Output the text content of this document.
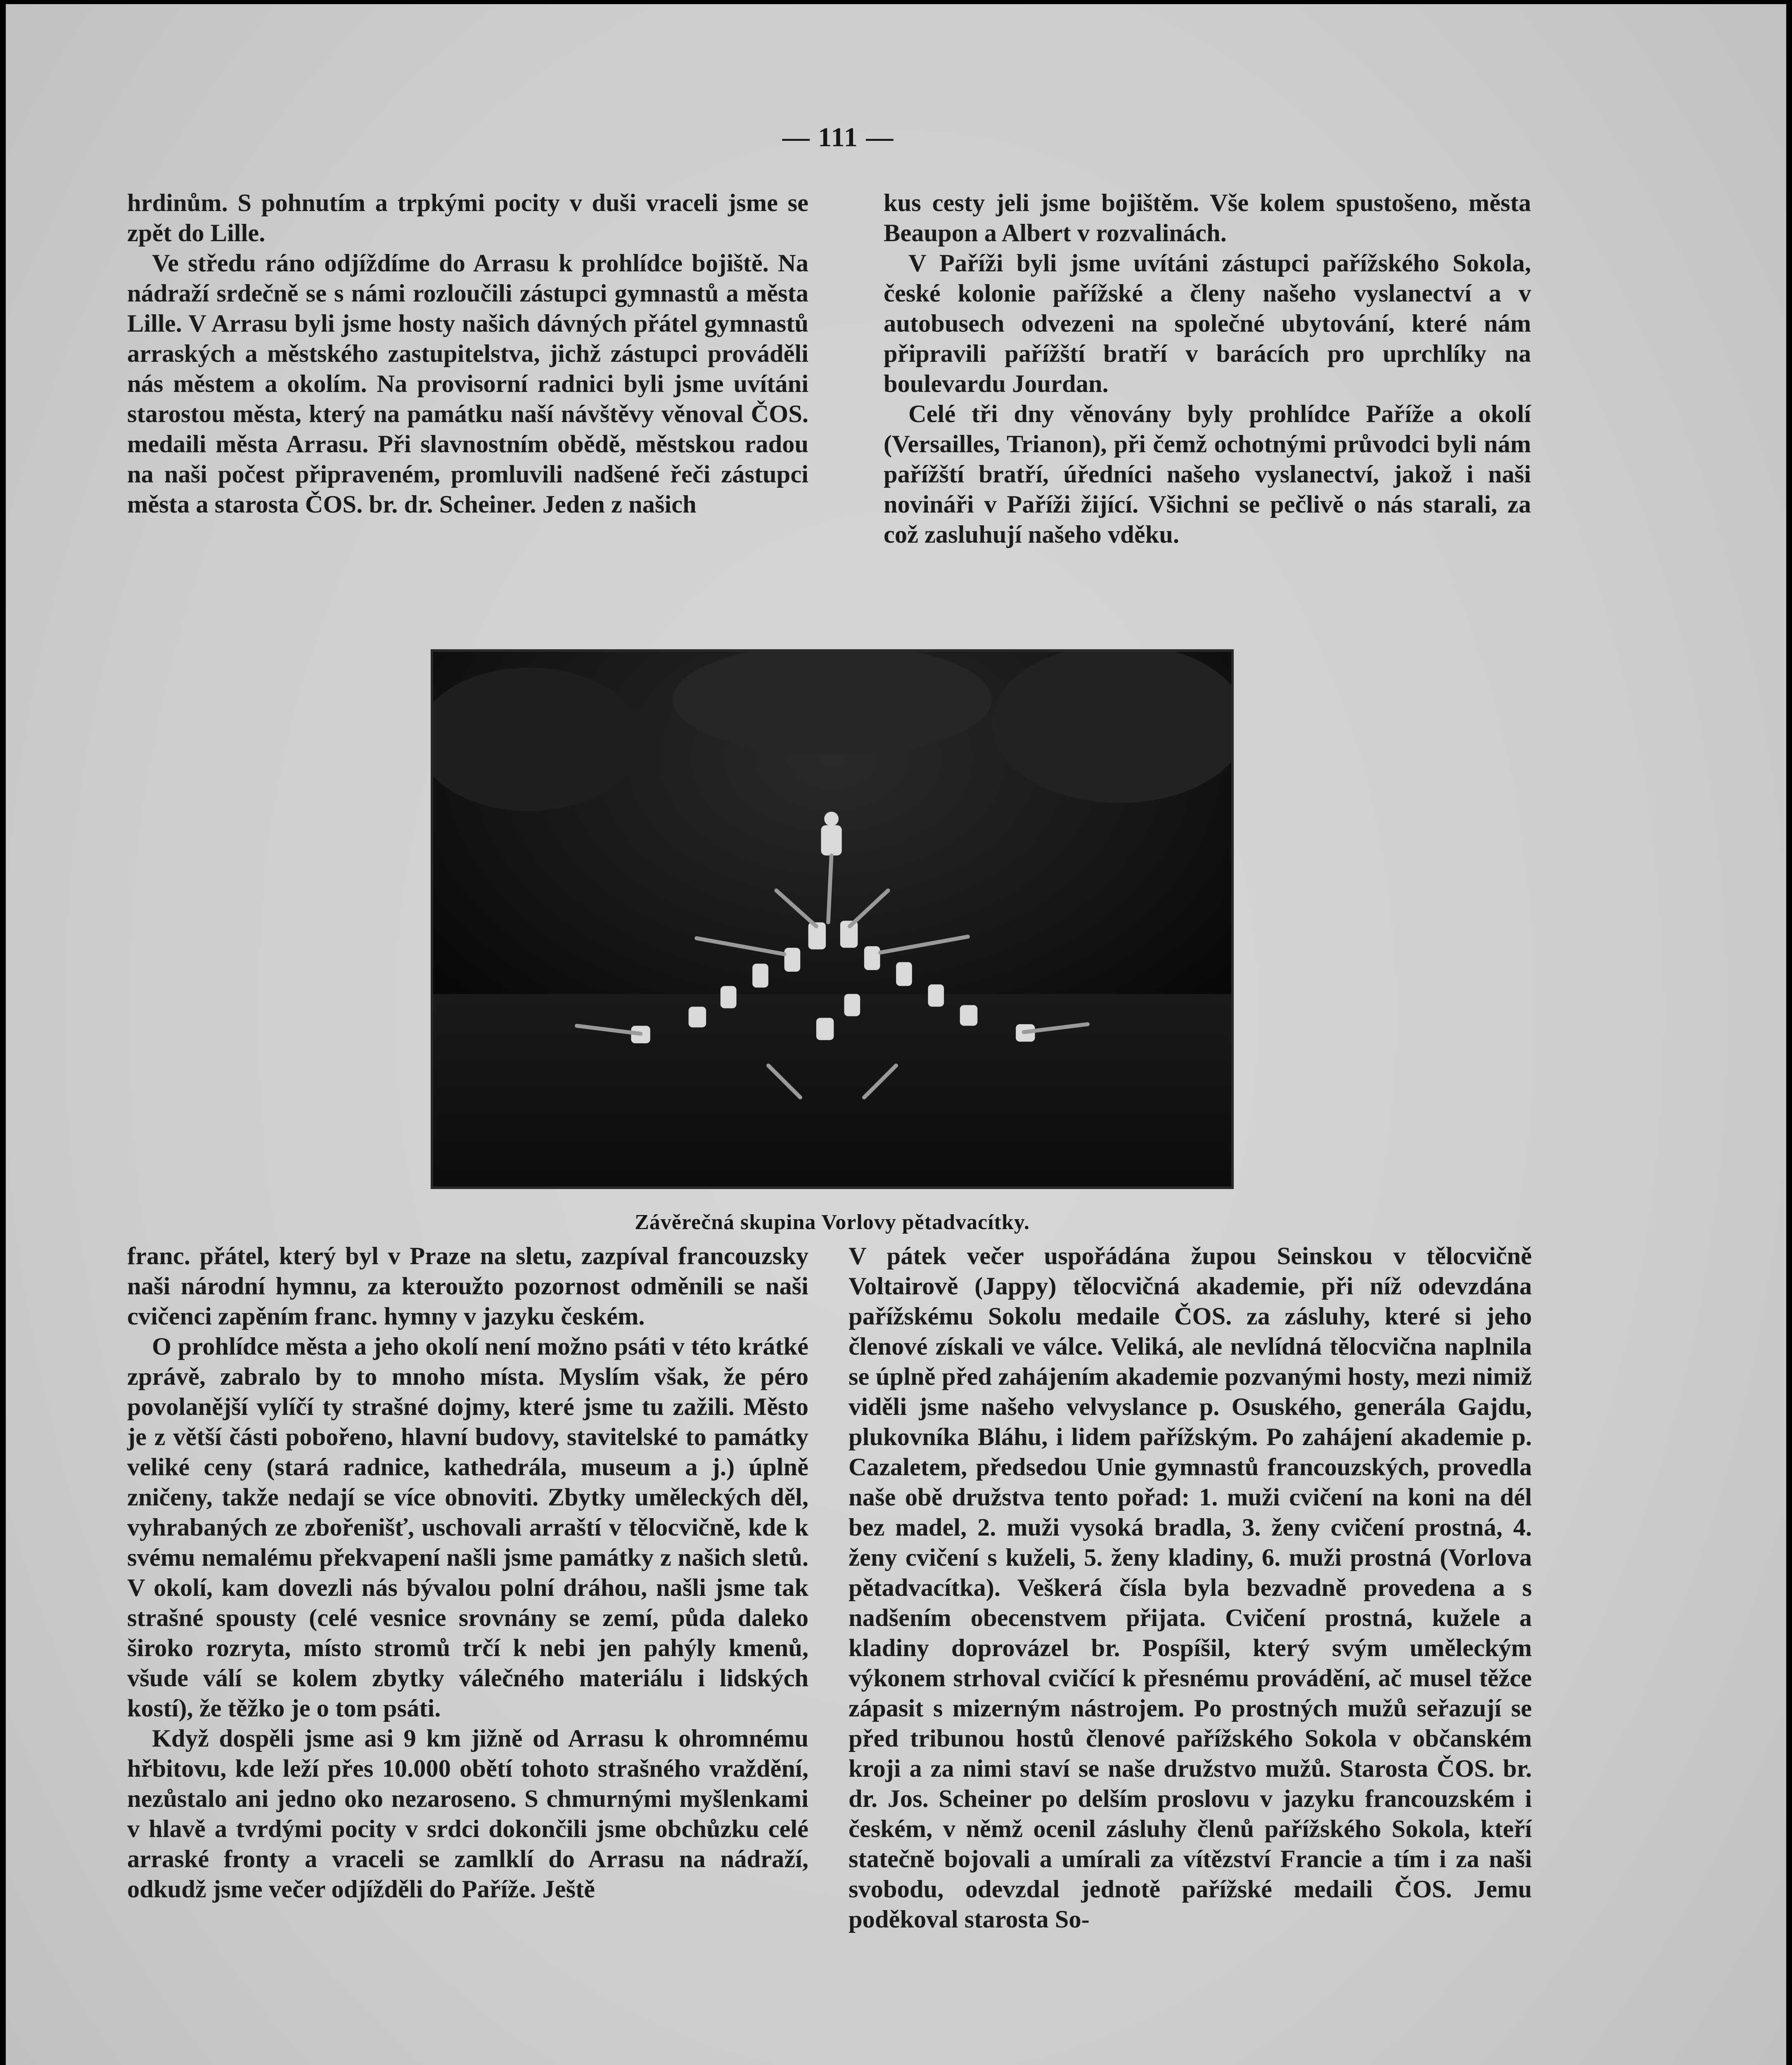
— 111 —

hrdinům. S pohnutím a trpkými pocity v duši vraceli jsme se zpět do Lille.

Ve středu ráno odjíždíme do Arrasu k prohlídce bojiště. Na nádraží srdečně se s námi rozloučili zástupci gymnastů a města Lille. V Arrasu byli jsme hosty našich dávných přátel gymnastů arraských a městského zastupitelstva, jichž zástupci prováděli nás městem a okolím. Na provisorní radnici byli jsme uvítáni starostou města, který na památku naší návštěvy věnoval ČOS. medaili města Arrasu. Při slavnostním obědě, městskou radou na naši počest připraveném, promluvili nadšené řeči zástupci města a starosta ČOS. br. dr. Scheiner. Jeden z našich

kus cesty jeli jsme bojištěm. Vše kolem spustošeno, města Beaupon a Albert v rozvalinách.

V Paříži byli jsme uvítáni zástupci pařížského Sokola, české kolonie pařížské a členy našeho vyslanectví a v autobusech odvezeni na společné ubytování, které nám připravili pařížští bratří v barácích pro uprchlíky na boulevardu Jourdan.

Celé tři dny věnovány byly prohlídce Paříže a okolí (Versailles, Trianon), při čemž ochotnými průvodci byli nám pařížští bratří, úředníci našeho vyslanectví, jakož i naši novináři v Paříži žijící. Všichni se pečlivě o nás starali, za což zasluhují našeho vděku.

Závěrečná skupina Vorlovy pětadvacítky.

franc. přátel, který byl v Praze na sletu, zazpíval francouzsky naši národní hymnu, za kteroužto pozornost odměnili se naši cvičenci zapěním franc. hymny v jazyku českém.

O prohlídce města a jeho okolí není možno psáti v této krátké zprávě, zabralo by to mnoho místa. Myslím však, že péro povolanější vylíčí ty strašné dojmy, které jsme tu zažili. Město je z větší části pobořeno, hlavní budovy, stavitelské to památky veliké ceny (stará radnice, kathedrála, museum a j.) úplně zničeny, takže nedají se více obnoviti. Zbytky uměleckých děl, vyhrabaných ze zbořenišť, uschovali arraští v tělocvičně, kde k svému nemalému překvapení našli jsme památky z našich sletů. V okolí, kam dovezli nás bývalou polní dráhou, našli jsme tak strašné spousty (celé vesnice srovnány se zemí, půda daleko široko rozryta, místo stromů trčí k nebi jen pahýly kmenů, všude válí se kolem zbytky válečného materiálu i lidských kostí), že těžko je o tom psáti.

Když dospěli jsme asi 9 km jižně od Arrasu k ohromnému hřbitovu, kde leží přes 10.000 obětí tohoto strašného vraždění, nezůstalo ani jedno oko nezaroseno. S chmurnými myšlenkami v hlavě a tvrdými pocity v srdci dokončili jsme obchůzku celé arraské fronty a vraceli se zamlklí do Arrasu na nádraží, odkudž jsme večer odjížděli do Paříže. Ještě

V pátek večer uspořádána župou Seinskou v tělocvičně Voltairově (Jappy) tělocvičná akademie, při níž odevzdána pařížskému Sokolu medaile ČOS. za zásluhy, které si jeho členové získali ve válce. Veliká, ale nevlídná tělocvična naplnila se úplně před zahájením akademie pozvanými hosty, mezi nimiž viděli jsme našeho velvyslance p. Osuského, generála Gajdu, plukovníka Bláhu, i lidem pařížským. Po zahájení akademie p. Cazaletem, předsedou Unie gymnastů francouzských, provedla naše obě družstva tento pořad: 1. muži cvičení na koni na dél bez madel, 2. muži vysoká bradla, 3. ženy cvičení prostná, 4. ženy cvičení s kuželi, 5. ženy kladiny, 6. muži prostná (Vorlova pětadvacítka). Veškerá čísla byla bezvadně provedena a s nadšením obecenstvem přijata. Cvičení prostná, kužele a kladiny doprovázel br. Pospíšil, který svým uměleckým výkonem strhoval cvičící k přesnému provádění, ač musel těžce zápasit s mizerným nástrojem. Po prostných mužů seřazují se před tribunou hostů členové pařížského Sokola v občanském kroji a za nimi staví se naše družstvo mužů. Starosta ČOS. br. dr. Jos. Scheiner po delším proslovu v jazyku francouzském i českém, v němž ocenil zásluhy členů pařížského Sokola, kteří statečně bojovali a umírali za vítězství Francie a tím i za naši svobodu, odevzdal jednotě pařížské medaili ČOS. Jemu poděkoval starosta So-
